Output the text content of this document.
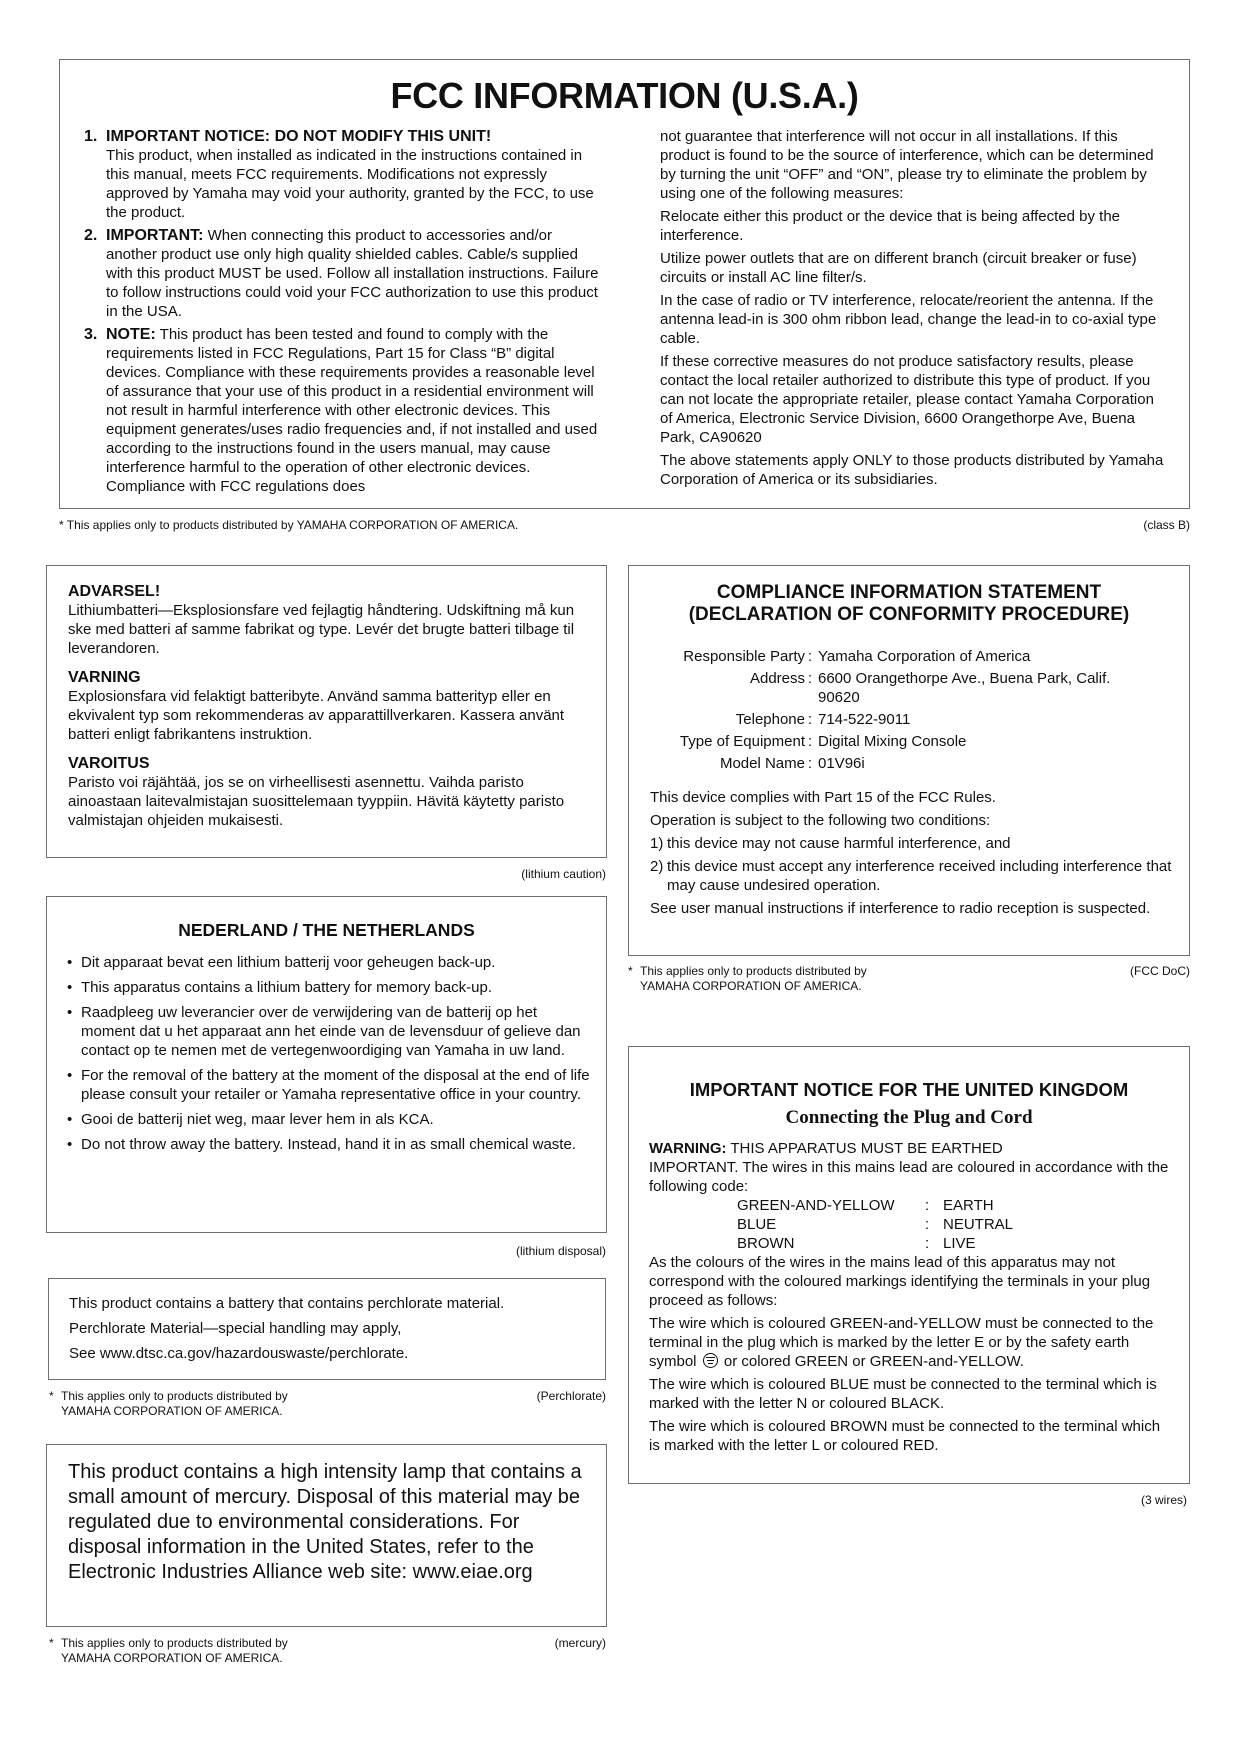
FCC INFORMATION (U.S.A.)
1. IMPORTANT NOTICE: DO NOT MODIFY THIS UNIT!
This product, when installed as indicated in the instructions contained in this manual, meets FCC requirements. Modifications not expressly approved by Yamaha may void your authority, granted by the FCC, to use the product.
2. IMPORTANT: When connecting this product to accessories and/or another product use only high quality shielded cables. Cable/s supplied with this product MUST be used. Follow all installation instructions. Failure to follow instructions could void your FCC authorization to use this product in the USA.
3. NOTE: This product has been tested and found to comply with the requirements listed in FCC Regulations, Part 15 for Class “B” digital devices. Compliance with these requirements provides a reasonable level of assurance that your use of this product in a residential environment will not result in harmful interference with other electronic devices. This equipment generates/uses radio frequencies and, if not installed and used according to the instructions found in the users manual, may cause interference harmful to the operation of other electronic devices. Compliance with FCC regulations does

not guarantee that interference will not occur in all installations. If this product is found to be the source of interference, which can be determined by turning the unit “OFF” and “ON”, please try to eliminate the problem by using one of the following measures:

Relocate either this product or the device that is being affected by the interference.

Utilize power outlets that are on different branch (circuit breaker or fuse) circuits or install AC line filter/s.

In the case of radio or TV interference, relocate/reorient the antenna. If the antenna lead-in is 300 ohm ribbon lead, change the lead-in to co-axial type cable.

If these corrective measures do not produce satisfactory results, please contact the local retailer authorized to distribute this type of product. If you can not locate the appropriate retailer, please contact Yamaha Corporation of America, Electronic Service Division, 6600 Orangethorpe Ave, Buena Park, CA90620

The above statements apply ONLY to those products distributed by Yamaha Corporation of America or its subsidiaries.

* This applies only to products distributed by YAMAHA CORPORATION OF AMERICA.	(class B)
ADVARSEL!
Lithiumbatteri—Eksplosionsfare ved fejlagtig håndtering. Udskiftning må kun ske med batteri af samme fabrikat og type. Levér det brugte batteri tilbage til leverandoren.
VARNING
Explosionsfara vid felaktigt batteribyte. Använd samma batterityp eller en ekvivalent typ som rekommenderas av apparattillverkaren. Kassera använt batteri enligt fabrikantens instruktion.
VAROITUS
Paristo voi räjähtää, jos se on virheellisesti asennettu. Vaihda paristo ainoastaan laitevalmistajan suosittelemaan tyyppiin. Hävitä käytetty paristo valmistajan ohjeiden mukaisesti.
(lithium caution)
NEDERLAND / THE NETHERLANDS
• Dit apparaat bevat een lithium batterij voor geheugen back-up.
• This apparatus contains a lithium battery for memory back-up.
• Raadpleeg uw leverancier over de verwijdering van de batterij op het moment dat u het apparaat ann het einde van de levensduur of gelieve dan contact op te nemen met de vertegenwoordiging van Yamaha in uw land.
• For the removal of the battery at the moment of the disposal at the end of life please consult your retailer or Yamaha representative office in your country.
• Gooi de batterij niet weg, maar lever hem in als KCA.
• Do not throw away the battery. Instead, hand it in as small chemical waste.
(lithium disposal)
This product contains a battery that contains perchlorate material.
Perchlorate Material—special handling may apply,
See www.dtsc.ca.gov/hazardouswaste/perchlorate.
* This applies only to products distributed by YAMAHA CORPORATION OF AMERICA.
(Perchlorate)
This product contains a high intensity lamp that contains a small amount of mercury. Disposal of this material may be regulated due to environmental considerations. For disposal information in the United States, refer to the Electronic Industries Alliance web site: www.eiae.org
* This applies only to products distributed by YAMAHA CORPORATION OF AMERICA.
(mercury)
COMPLIANCE INFORMATION STATEMENT
(DECLARATION OF CONFORMITY PROCEDURE)
Responsible Party : Yamaha Corporation of America
Address : 6600 Orangethorpe Ave., Buena Park, Calif. 90620
Telephone : 714-522-9011
Type of Equipment : Digital Mixing Console
Model Name : 01V96i
This device complies with Part 15 of the FCC Rules.
Operation is subject to the following two conditions:
1) this device may not cause harmful interference, and
2) this device must accept any interference received including interference that may cause undesired operation.
See user manual instructions if interference to radio reception is suspected.
* This applies only to products distributed by YAMAHA CORPORATION OF AMERICA.
(FCC DoC)
IMPORTANT NOTICE FOR THE UNITED KINGDOM
Connecting the Plug and Cord
WARNING: THIS APPARATUS MUST BE EARTHED
IMPORTANT. The wires in this mains lead are coloured in accordance with the following code:
GREEN-AND-YELLOW	: EARTH
BLUE	: NEUTRAL
BROWN	: LIVE
As the colours of the wires in the mains lead of this apparatus may not correspond with the coloured markings identifying the terminals in your plug proceed as follows:
The wire which is coloured GREEN-and-YELLOW must be connected to the terminal in the plug which is marked by the letter E or by the safety earth symbol
or colored GREEN or GREEN-and-YELLOW.
The wire which is coloured BLUE must be connected to the terminal which is marked with the letter N or coloured BLACK.
The wire which is coloured BROWN must be connected to the terminal which is marked with the letter L or coloured RED.
(3 wires)
